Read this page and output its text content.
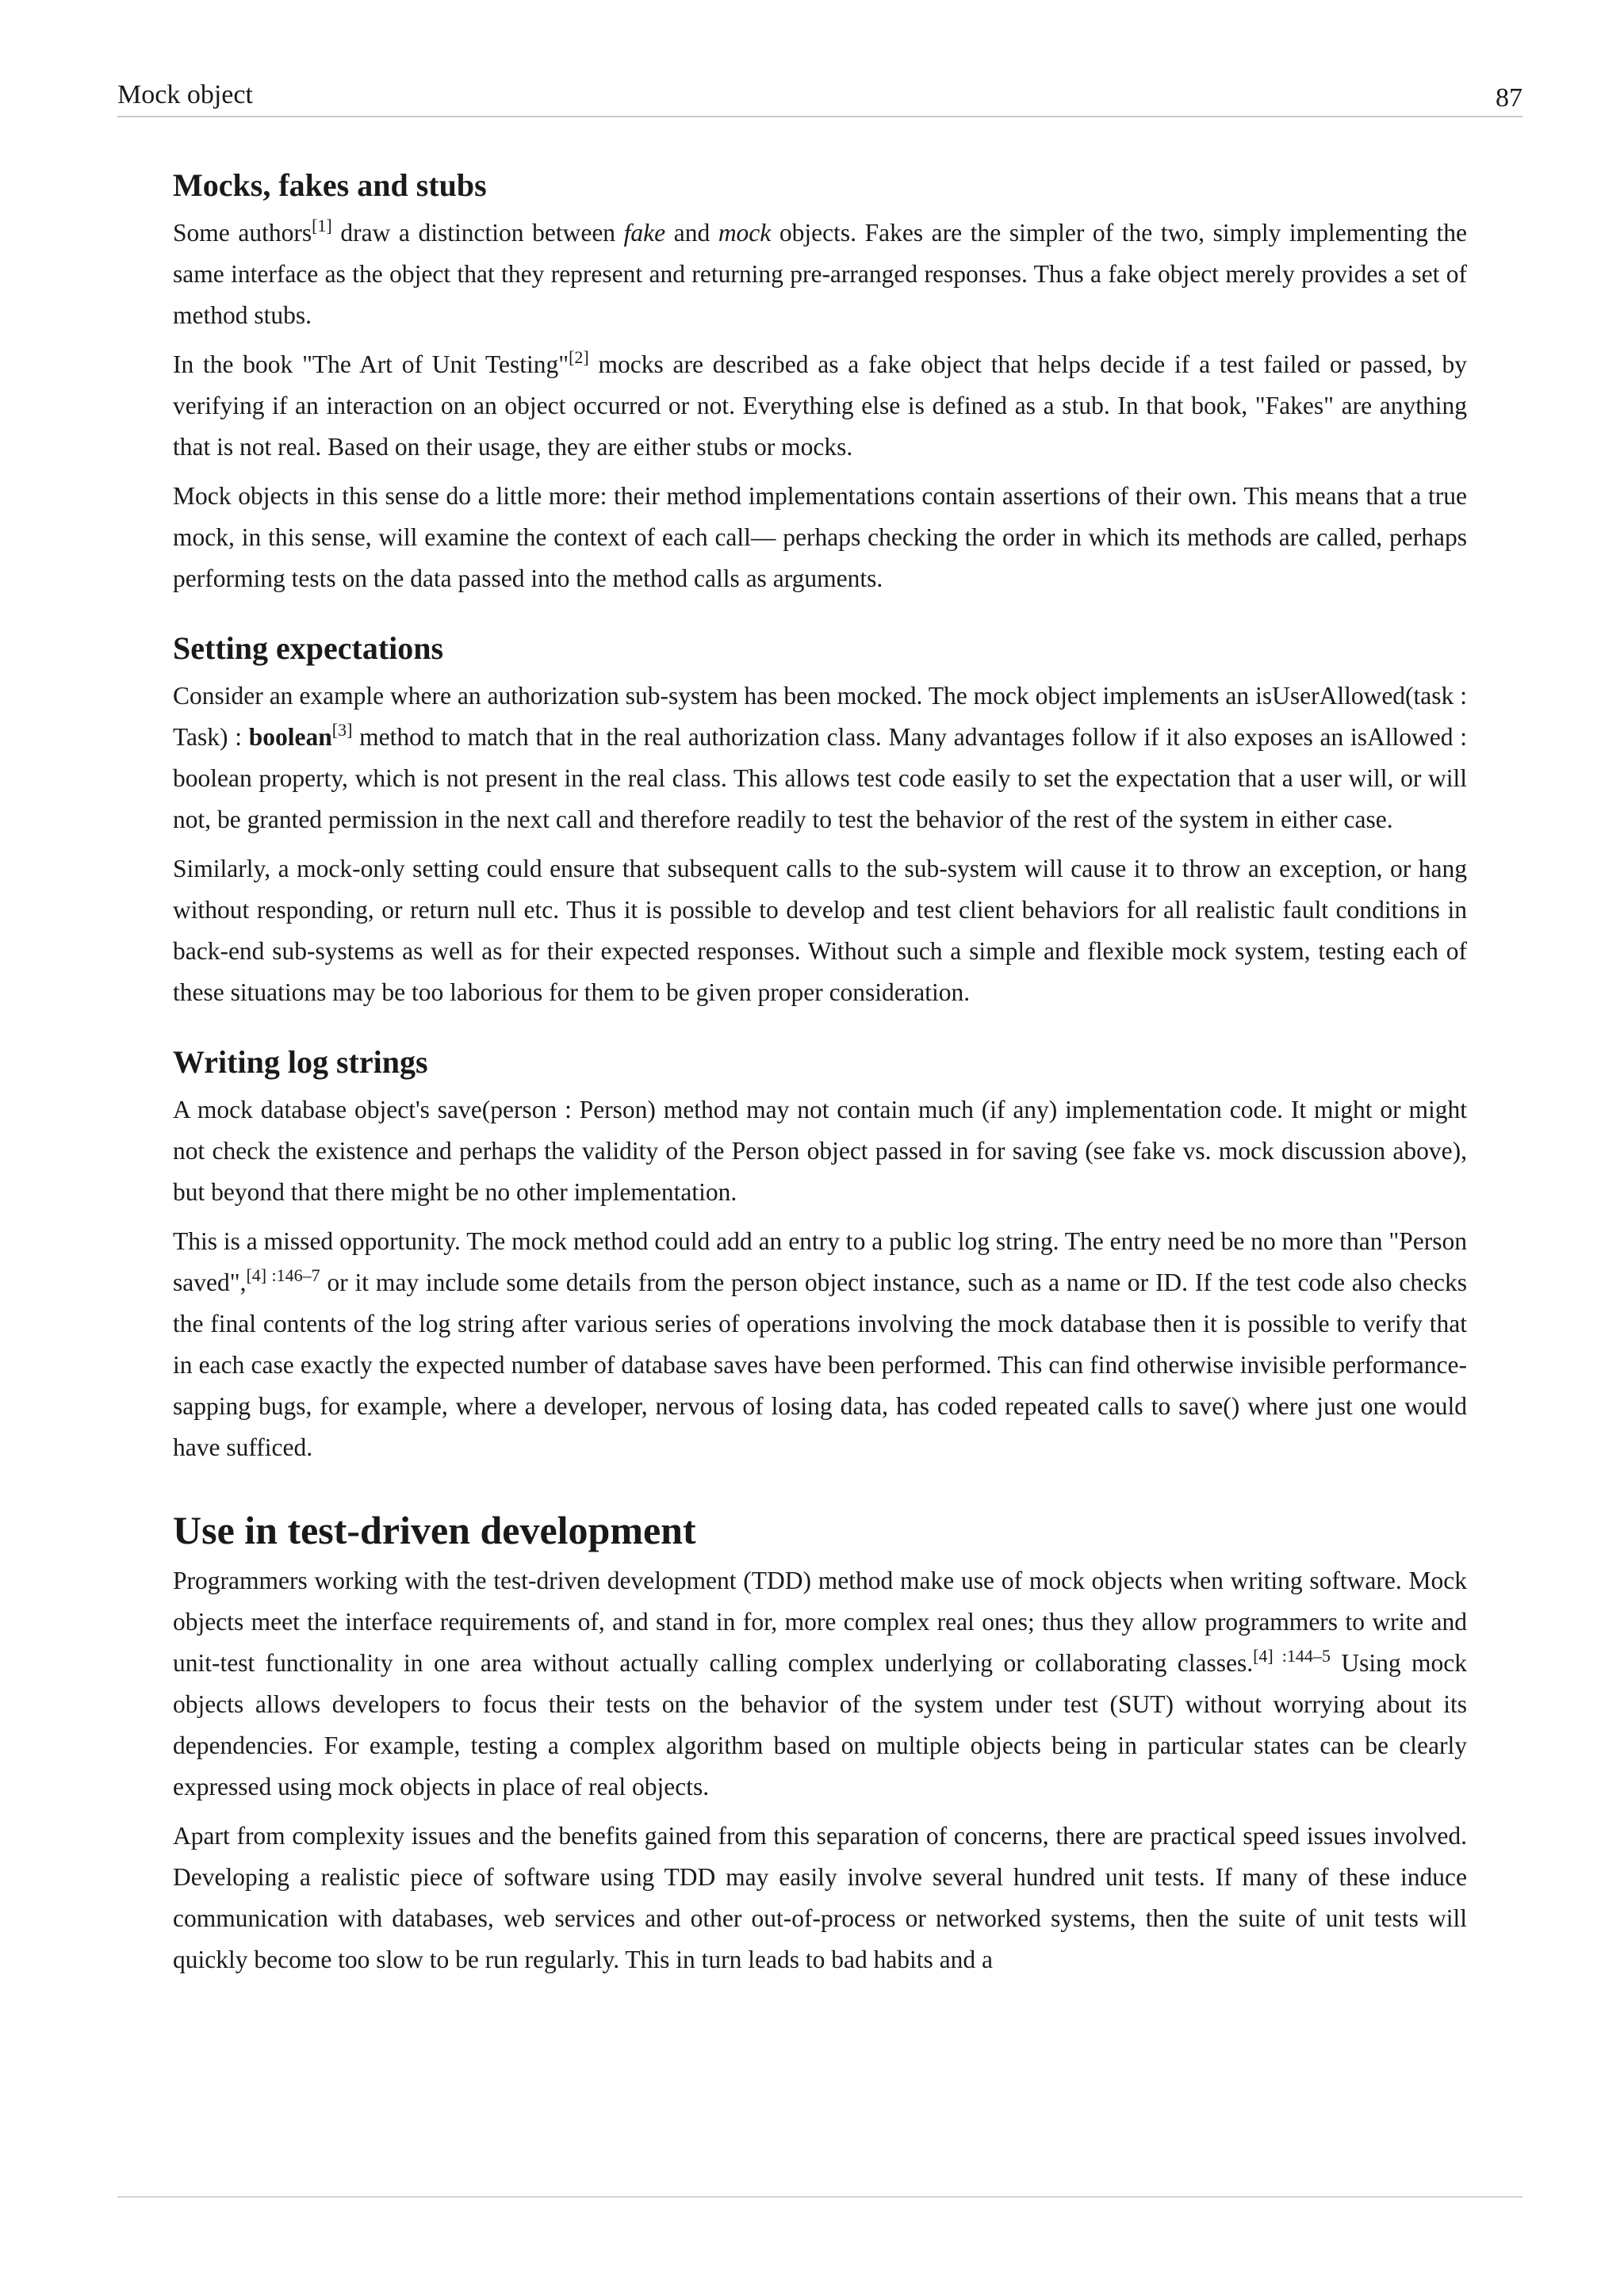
Mock object	87
Mocks, fakes and stubs

Some authors[1] draw a distinction between fake and mock objects. Fakes are the simpler of the two, simply implementing the same interface as the object that they represent and returning pre-arranged responses. Thus a fake object merely provides a set of method stubs.

In the book "The Art of Unit Testing"[2] mocks are described as a fake object that helps decide if a test failed or passed, by verifying if an interaction on an object occurred or not. Everything else is defined as a stub. In that book, "Fakes" are anything that is not real. Based on their usage, they are either stubs or mocks.

Mock objects in this sense do a little more: their method implementations contain assertions of their own. This means that a true mock, in this sense, will examine the context of each call— perhaps checking the order in which its methods are called, perhaps performing tests on the data passed into the method calls as arguments.

Setting expectations

Consider an example where an authorization sub-system has been mocked. The mock object implements an isUserAllowed(task : Task) : boolean[3] method to match that in the real authorization class. Many advantages follow if it also exposes an isAllowed : boolean property, which is not present in the real class. This allows test code easily to set the expectation that a user will, or will not, be granted permission in the next call and therefore readily to test the behavior of the rest of the system in either case.

Similarly, a mock-only setting could ensure that subsequent calls to the sub-system will cause it to throw an exception, or hang without responding, or return null etc. Thus it is possible to develop and test client behaviors for all realistic fault conditions in back-end sub-systems as well as for their expected responses. Without such a simple and flexible mock system, testing each of these situations may be too laborious for them to be given proper consideration.

Writing log strings

A mock database object's save(person : Person) method may not contain much (if any) implementation code. It might or might not check the existence and perhaps the validity of the Person object passed in for saving (see fake vs. mock discussion above), but beyond that there might be no other implementation.

This is a missed opportunity. The mock method could add an entry to a public log string. The entry need be no more than "Person saved",$^{[4] :146-7}$ or it may include some details from the person object instance, such as a name or ID. If the test code also checks the final contents of the log string after various series of operations involving the mock database then it is possible to verify that in each case exactly the expected number of database saves have been performed. This can find otherwise invisible performance-sapping bugs, for example, where a developer, nervous of losing data, has coded repeated calls to save() where just one would have sufficed.

Use in test-driven development

Programmers working with the test-driven development (TDD) method make use of mock objects when writing software. Mock objects meet the interface requirements of, and stand in for, more complex real ones; thus they allow programmers to write and unit-test functionality in one area without actually calling complex underlying or collaborating classes.$^{[4] :144-5}$ Using mock objects allows developers to focus their tests on the behavior of the system under test (SUT) without worrying about its dependencies. For example, testing a complex algorithm based on multiple objects being in particular states can be clearly expressed using mock objects in place of real objects.

Apart from complexity issues and the benefits gained from this separation of concerns, there are practical speed issues involved. Developing a realistic piece of software using TDD may easily involve several hundred unit tests. If many of these induce communication with databases, web services and other out-of-process or networked systems, then the suite of unit tests will quickly become too slow to be run regularly. This in turn leads to bad habits and a
